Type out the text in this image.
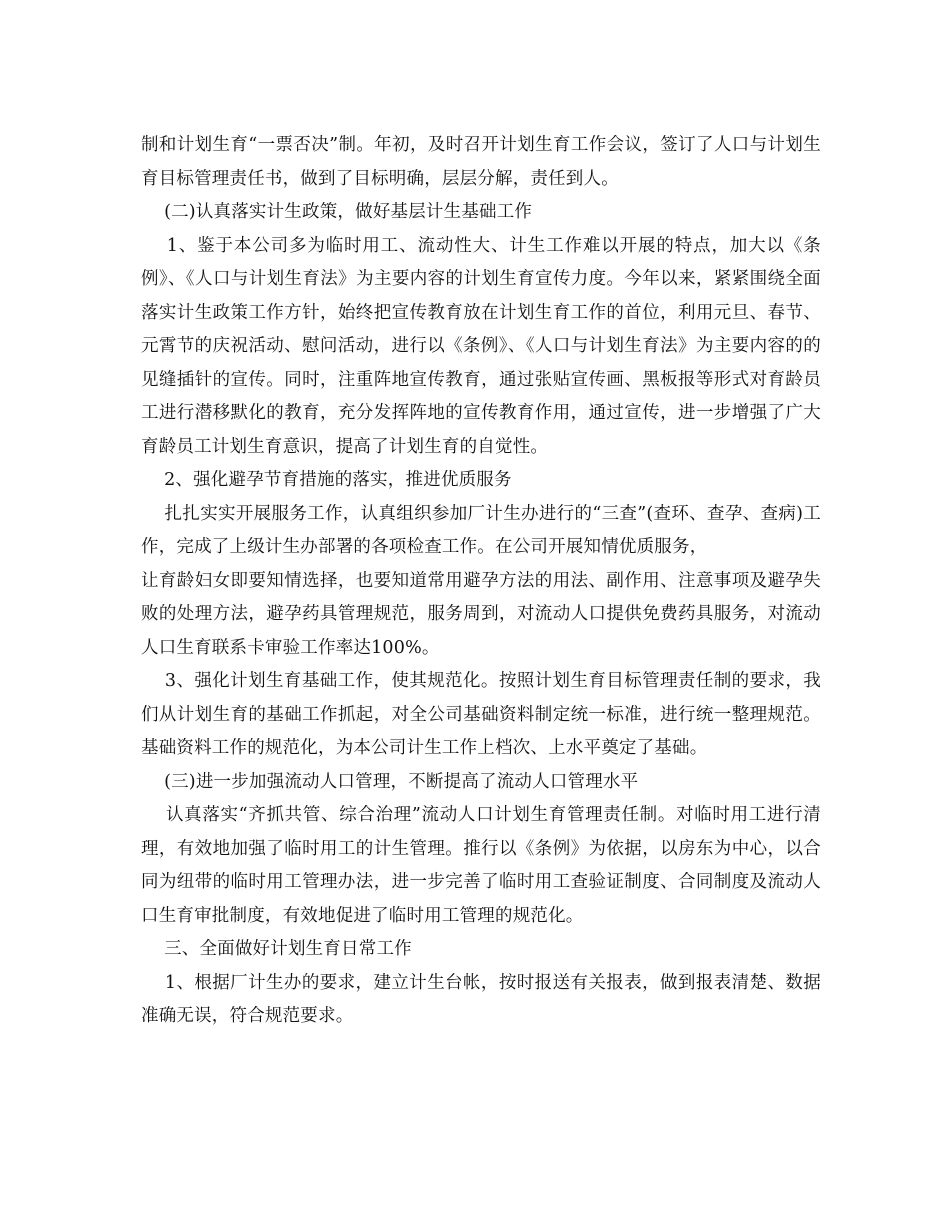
制和计划生育“一票否决”制。年初，及时召开计划生育工作会议，签订了人口与计划生育目标管理责任书，做到了目标明确，层层分解，责任到人。

(二)认真落实计生政策，做好基层计生基础工作

1、鉴于本公司多为临时用工、流动性大、计生工作难以开展的特点，加大以《条例》、《人口与计划生育法》为主要内容的计划生育宣传力度。今年以来，紧紧围绕全面落实计生政策工作方针，始终把宣传教育放在计划生育工作的首位，利用元旦、春节、元霄节的庆祝活动、慰问活动，进行以《条例》、《人口与计划生育法》为主要内容的的见缝插针的宣传。同时，注重阵地宣传教育，通过张贴宣传画、黑板报等形式对育龄员工进行潜移默化的教育，充分发挥阵地的宣传教育作用，通过宣传，进一步增强了广大育龄员工计划生育意识，提高了计划生育的自觉性。

2、强化避孕节育措施的落实，推进优质服务

扎扎实实开展服务工作，认真组织参加厂计生办进行的“三查”(查环、查孕、查病)工作，完成了上级计生办部署的各项检查工作。在公司开展知情优质服务，
让育龄妇女即要知情选择，也要知道常用避孕方法的用法、副作用、注意事项及避孕失败的处理方法，避孕药具管理规范，服务周到，对流动人口提供免费药具服务，对流动人口生育联系卡审验工作率达100%。

3、强化计划生育基础工作，使其规范化。按照计划生育目标管理责任制的要求，我们从计划生育的基础工作抓起，对全公司基础资料制定统一标准，进行统一整理规范。基础资料工作的规范化，为本公司计生工作上档次、上水平奠定了基础。

(三)进一步加强流动人口管理，不断提高了流动人口管理水平

认真落实“齐抓共管、综合治理”流动人口计划生育管理责任制。对临时用工进行清理，有效地加强了临时用工的计生管理。推行以《条例》为依据，以房东为中心，以合同为纽带的临时用工管理办法，进一步完善了临时用工查验证制度、合同制度及流动人口生育审批制度，有效地促进了临时用工管理的规范化。

三、全面做好计划生育日常工作

1、根据厂计生办的要求，建立计生台帐，按时报送有关报表，做到报表清楚、数据准确无误，符合规范要求。
